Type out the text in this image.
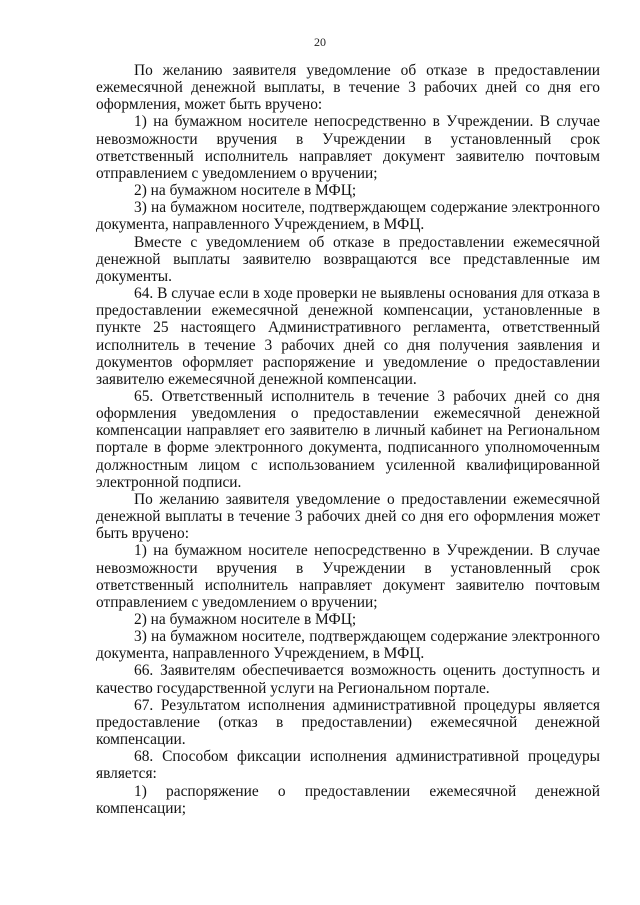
20

По желанию заявителя уведомление об отказе в предоставлении ежемесячной денежной выплаты, в течение 3 рабочих дней со дня его оформления, может быть вручено:

1) на бумажном носителе непосредственно в Учреждении. В случае невозможности вручения в Учреждении в установленный срок ответственный исполнитель направляет документ заявителю почтовым отправлением с уведомлением о вручении;

2) на бумажном носителе в МФЦ;

3) на бумажном носителе, подтверждающем содержание электронного документа, направленного Учреждением, в МФЦ.

Вместе с уведомлением об отказе в предоставлении ежемесячной денежной выплаты заявителю возвращаются все представленные им документы.

64. В случае если в ходе проверки не выявлены основания для отказа в предоставлении ежемесячной денежной компенсации, установленные в пункте 25 настоящего Административного регламента, ответственный исполнитель в течение 3 рабочих дней со дня получения заявления и документов оформляет распоряжение и уведомление о предоставлении заявителю ежемесячной денежной компенсации.

65. Ответственный исполнитель в течение 3 рабочих дней со дня оформления уведомления о предоставлении ежемесячной денежной компенсации направляет его заявителю в личный кабинет на Региональном портале в форме электронного документа, подписанного уполномоченным должностным лицом с использованием усиленной квалифицированной электронной подписи.

По желанию заявителя уведомление о предоставлении ежемесячной денежной выплаты в течение 3 рабочих дней со дня его оформления может быть вручено:

1) на бумажном носителе непосредственно в Учреждении. В случае невозможности вручения в Учреждении в установленный срок ответственный исполнитель направляет документ заявителю почтовым отправлением с уведомлением о вручении;

2) на бумажном носителе в МФЦ;

3) на бумажном носителе, подтверждающем содержание электронного документа, направленного Учреждением, в МФЦ.

66. Заявителям обеспечивается возможность оценить доступность и качество государственной услуги на Региональном портале.

67. Результатом исполнения административной процедуры является предоставление (отказ в предоставлении) ежемесячной денежной компенсации.

68. Способом фиксации исполнения административной процедуры является:

1) распоряжение о предоставлении ежемесячной денежной компенсации;
